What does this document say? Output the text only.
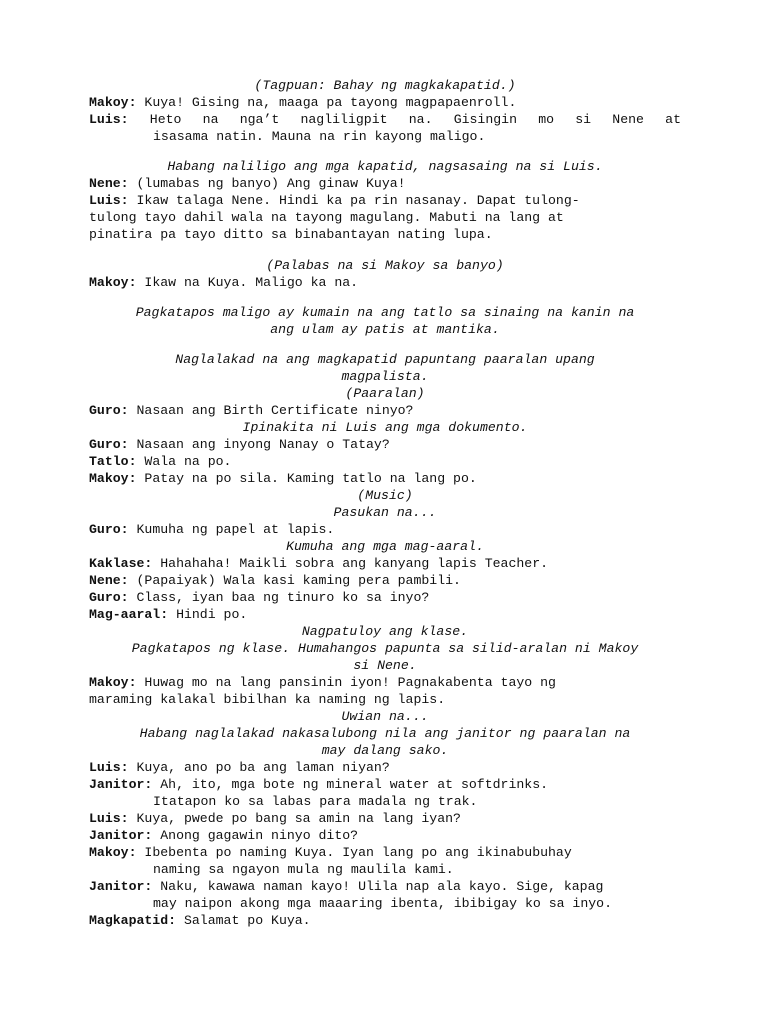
(Tagpuan: Bahay ng magkakapatid.)

Makoy: Kuya! Gising na, maaga pa tayong magpapaenroll.

Luis:  Heto  na  nga’t  nagliligpit  na.  Gisingin  mo  si  Nene  at

isasama natin. Mauna na rin kayong maligo.

Habang naliligo ang mga kapatid, nagsasaing na si Luis.

Nene: (lumabas ng banyo) Ang ginaw Kuya!

Luis: Ikaw talaga Nene. Hindi ka pa rin nasanay. Dapat tulong-

tulong tayo dahil wala na tayong magulang. Mabuti na lang at

pinatira pa tayo ditto sa binabantayan nating lupa.

(Palabas na si Makoy sa banyo)

Makoy: Ikaw na Kuya. Maligo ka na.

Pagkatapos maligo ay kumain na ang tatlo sa sinaing na kanin na

ang ulam ay patis at mantika.

Naglalakad na ang magkapatid papuntang paaralan upang

magpalista.

(Paaralan)

Guro: Nasaan ang Birth Certificate ninyo?

Ipinakita ni Luis ang mga dokumento.

Guro: Nasaan ang inyong Nanay o Tatay?

Tatlo: Wala na po.

Makoy: Patay na po sila. Kaming tatlo na lang po.

(Music)

Pasukan na...

Guro: Kumuha ng papel at lapis.

Kumuha ang mga mag-aaral.

Kaklase: Hahahaha! Maikli sobra ang kanyang lapis Teacher.

Nene: (Papaiyak) Wala kasi kaming pera pambili.

Guro: Class, iyan baa ng tinuro ko sa inyo?

Mag-aaral: Hindi po.

Nagpatuloy ang klase.

Pagkatapos ng klase. Humahangos papunta sa silid-aralan ni Makoy

si Nene.

Makoy: Huwag mo na lang pansinin iyon! Pagnakabenta tayo ng

maraming kalakal bibilhan ka naming ng lapis.

Uwian na...

Habang naglalakad nakasalubong nila ang janitor ng paaralan na

may dalang sako.

Luis: Kuya, ano po ba ang laman niyan?

Janitor: Ah, ito, mga bote ng mineral water at softdrinks.

Itatapon ko sa labas para madala ng trak.

Luis: Kuya, pwede po bang sa amin na lang iyan?

Janitor: Anong gagawin ninyo dito?

Makoy: Ibebenta po naming Kuya. Iyan lang po ang ikinabubuhay

naming sa ngayon mula ng maulila kami.

Janitor: Naku, kawawa naman kayo! Ulila nap ala kayo. Sige, kapag

may naipon akong mga maaaring ibenta, ibibigay ko sa inyo.

Magkapatid: Salamat po Kuya.
